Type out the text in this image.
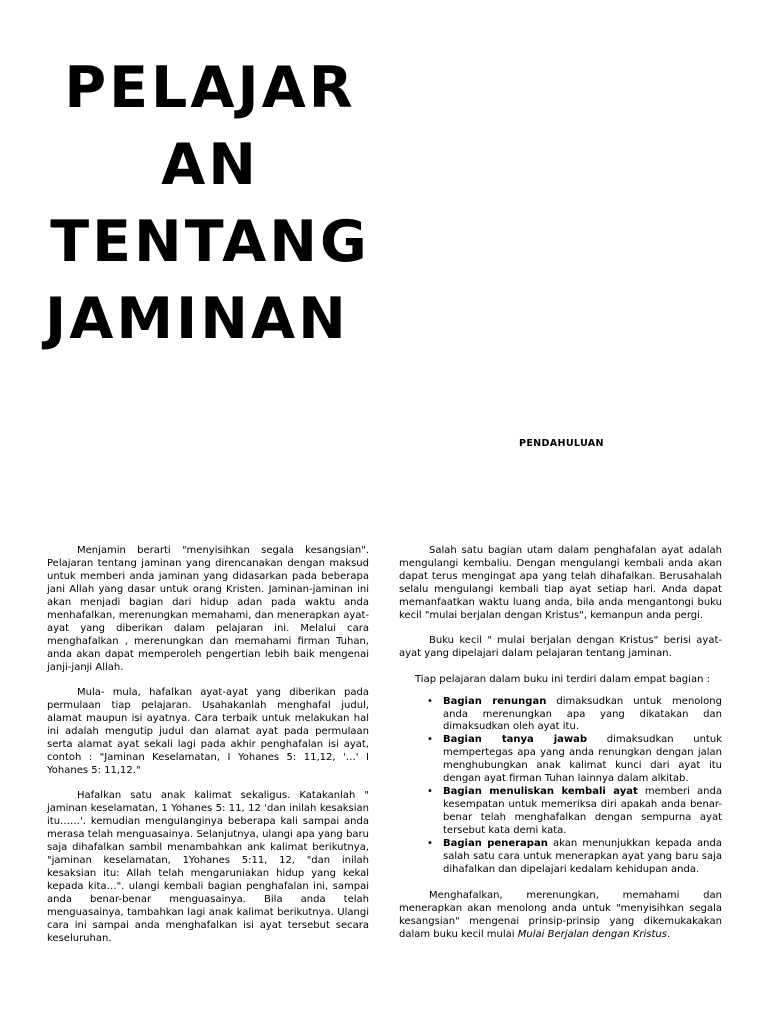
PELAJAR
AN
TENTANG
JAMINAN
PENDAHULUAN

Menjamin berarti "menyisihkan segala kesangsian". Pelajaran tentang jaminan yang direncanakan dengan maksud untuk memberi anda jaminan yang didasarkan pada beberapa jani Allah yang dasar untuk orang Kristen. Jaminan-jaminan ini akan menjadi bagian dari hidup adan pada waktu anda menhafalkan, merenungkan memahami, dan menerapkan ayat-ayat yang diberikan dalam pelajaran ini. Melalui cara menghafalkan , merenungkan dan memahami firman Tuhan, anda akan dapat memperoleh pengertian lebih baik mengenai janji-janji Allah.

Mula- mula, hafalkan ayat-ayat yang diberikan pada permulaan tiap pelajaran. Usahakanlah menghafal judul, alamat maupun isi ayatnya. Cara terbaik untuk melakukan hal ini adalah mengutip judul dan alamat ayat pada permulaan serta alamat ayat sekali lagi pada akhir penghafalan isi ayat, contoh : "Jaminan Keselamatan, I Yohanes 5: 11,12, '…' I Yohanes 5: 11,12."

Hafalkan satu anak kalimat sekaligus. Katakanlah " jaminan keselamatan, 1 Yohanes 5: 11, 12 'dan inilah kesaksian itu……'. kemudian menguIanginya beberapa kali sampai anda merasa telah menguasainya. Selanjutnya, ulangi apa yang baru saja dihafalkan sambil menambahkan ank kalimat berikutnya, "jaminan keselamatan, 1Yohanes 5:11, 12, "dan inilah kesaksian itu: Allah telah mengaruniakan hidup yang kekal kepada kita…". ulangi kembali bagian penghafalan ini, sampai anda benar-benar menguasainya. Bila anda telah menguasainya, tambahkan lagi anak kalimat berikutnya. Ulangi cara ini sampai anda menghafalkan isi ayat tersebut secara keseluruhan.

Salah satu bagian utam dalam penghafalan ayat adalah mengulangi kembaliu. Dengan mengulangi kembali anda akan dapat terus mengingat apa yang telah dihafalkan. Berusahalah selalu mengulangi kembali tiap ayat setiap hari. Anda dapat memanfaatkan waktu luang anda, bila anda mengantongi buku kecil "mulai berjalan dengan Kristus", kemanpun anda pergi.

Buku kecil " mulai berjalan dengan Kristus" berisi ayat-ayat yang dipelajari dalam pelajaran tentang jaminan.

Tiap pelajaran dalam buku ini terdiri dalam empat bagian :

• Bagian renungan dimaksudkan untuk menolong anda merenungkan apa yang dikatakan dan dimaksudkan oleh ayat itu.
• Bagian tanya jawab dimaksudkan untuk mempertegas apa yang anda renungkan dengan jalan menghubungkan anak kalimat kunci dari ayat itu dengan ayat firman Tuhan lainnya dalam alkitab.
• Bagian menuliskan kembali ayat memberi anda kesempatan untuk memeriksa diri apakah anda benar-benar telah menghafalkan dengan sempurna ayat tersebut kata demi kata.
• Bagian penerapan akan menunjukkan kepada anda salah satu cara untuk menerapkan ayat yang baru saja dihafalkan dan dipelajari kedalam kehidupan anda.

Menghafalkan, merenungkan, memahami dan menerapkan akan menolong anda untuk "menyisihkan segala kesangsian" mengenai prinsip-prinsip yang dikemukakakan dalam buku kecil mulai Mulai Berjalan dengan Kristus.
